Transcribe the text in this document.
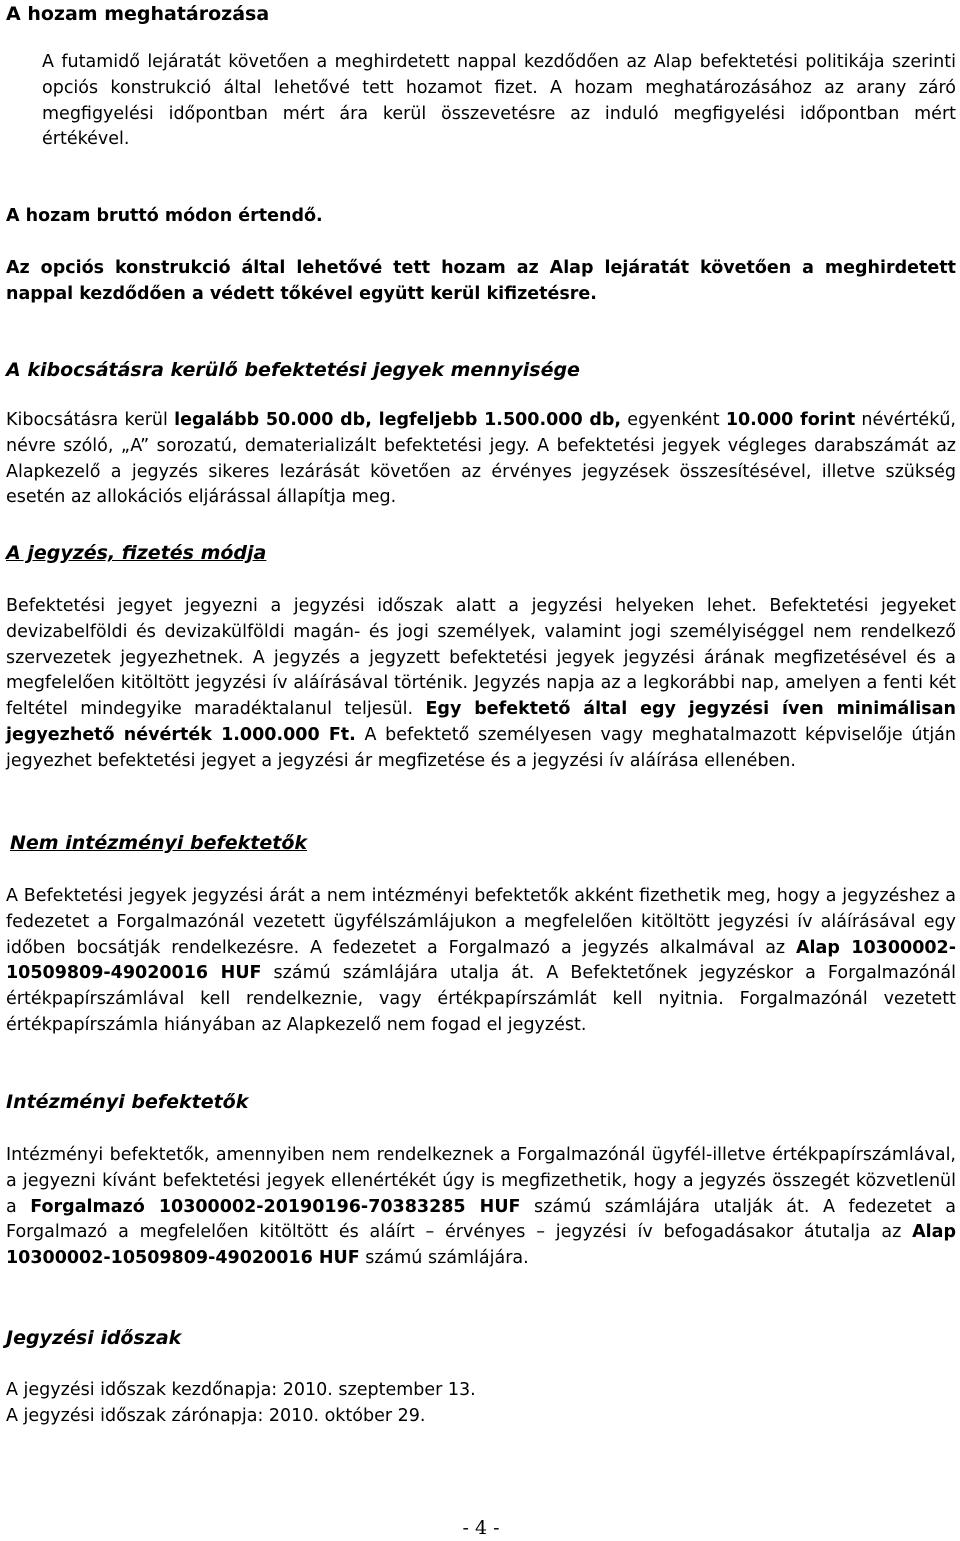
A hozam meghatározása

A futamidő lejáratát követően a meghirdetett nappal kezdődően az Alap befektetési politikája szerinti opciós konstrukció által lehetővé tett hozamot fizet. A hozam meghatározásához az arany záró megfigyelési időpontban mért ára kerül összevetésre az induló megfigyelési időpontban mért értékével.

A hozam bruttó módon értendő.

Az opciós konstrukció által lehetővé tett hozam az Alap lejáratát követően a meghirdetett nappal kezdődően a védett tőkével együtt kerül kifizetésre.

A kibocsátásra kerülő befektetési jegyek mennyisége

Kibocsátásra kerül legalább 50.000 db, legfeljebb 1.500.000 db, egyenként 10.000 forint névértékű, névre szóló, „A” sorozatú, dematerializált befektetési jegy. A befektetési jegyek végleges darabszámát az Alapkezelő a jegyzés sikeres lezárását követően az érvényes jegyzések összesítésével, illetve szükség esetén az allokációs eljárással állapítja meg.

A jegyzés, fizetés módja

Befektetési jegyet jegyezni a jegyzési időszak alatt a jegyzési helyeken lehet. Befektetési jegyeket devizabelföldi és devizakülföldi magán- és jogi személyek, valamint jogi személyiséggel nem rendelkező szervezetek jegyezhetnek. A jegyzés a jegyzett befektetési jegyek jegyzési árának megfizetésével és a megfelelően kitöltött jegyzési ív aláírásával történik. Jegyzés napja az a legkorábbi nap, amelyen a fenti két feltétel mindegyike maradéktalanul teljesül. Egy befektető által egy jegyzési íven minimálisan jegyezhető névérték 1.000.000 Ft. A befektető személyesen vagy meghatalmazott képviselője útján jegyezhet befektetési jegyet a jegyzési ár megfizetése és a jegyzési ív aláírása ellenében.

Nem intézményi befektetők

A Befektetési jegyek jegyzési árát a nem intézményi befektetők akként fizethetik meg, hogy a jegyzéshez a fedezetet a Forgalmazónál vezetett ügyfélszámlájukon a megfelelően kitöltött jegyzési ív aláírásával egy időben bocsátják rendelkezésre. A fedezetet a Forgalmazó a jegyzés alkalmával az Alap 10300002-10509809-49020016 HUF számú számlájára utalja át. A Befektetőnek jegyzéskor a Forgalmazónál értékpapírszámlával kell rendelkeznie, vagy értékpapírszámlát kell nyitnia. Forgalmazónál vezetett értékpapírszámla hiányában az Alapkezelő nem fogad el jegyzést.

Intézményi befektetők

Intézményi befektetők, amennyiben nem rendelkeznek a Forgalmazónál ügyfél-illetve értékpapírszámlával, a jegyezni kívánt befektetési jegyek ellenértékét úgy is megfizethetik, hogy a jegyzés összegét közvetlenül a Forgalmazó 10300002-20190196-70383285 HUF számú számlájára utalják át. A fedezetet a Forgalmazó a megfelelően kitöltött és aláírt – érvényes – jegyzési ív befogadásakor átutalja az Alap 10300002-10509809-49020016 HUF számú számlájára.

Jegyzési időszak

A jegyzési időszak kezdőnapja: 2010. szeptember 13.

A jegyzési időszak zárónapja: 2010. október 29.

- 4 -
